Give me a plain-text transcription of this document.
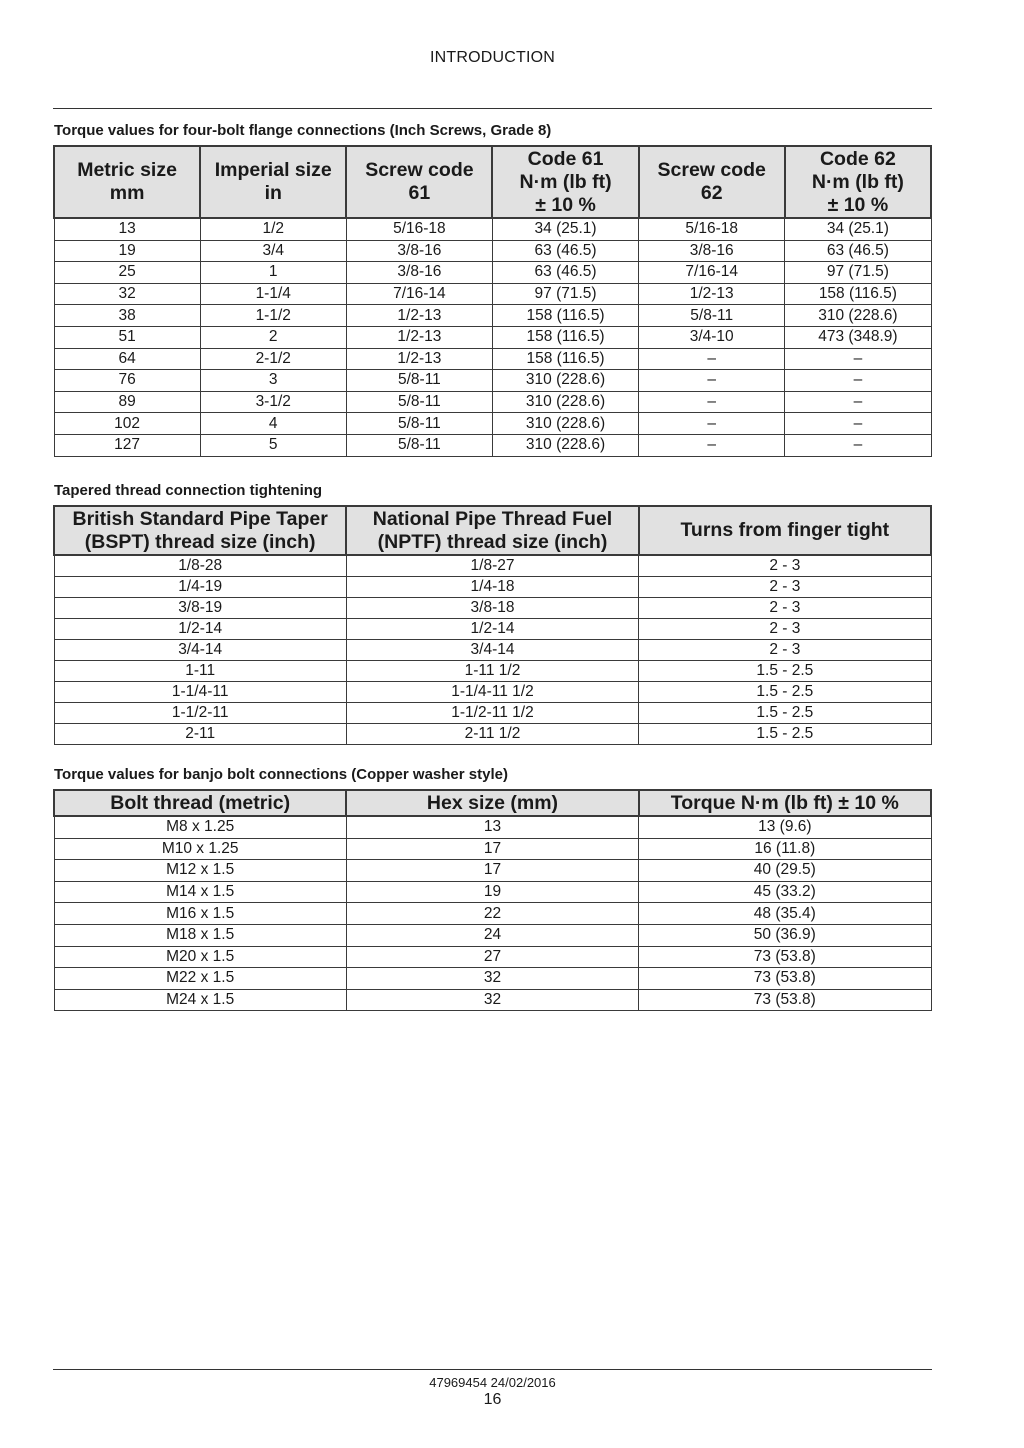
INTRODUCTION
Torque values for four-bolt flange connections (Inch Screws, Grade 8)
Metric size
mm	Imperial size
in	Screw code
61	Code 61
N·m (lb ft)
± 10 %	Screw code
62	Code 62
N·m (lb ft)
± 10 %
13	1/2	5/16-18	34 (25.1)	5/16-18	34 (25.1)
19	3/4	3/8-16	63 (46.5)	3/8-16	63 (46.5)
25	1	3/8-16	63 (46.5)	7/16-14	97 (71.5)
32	1-1/4	7/16-14	97 (71.5)	1/2-13	158 (116.5)
38	1-1/2	1/2-13	158 (116.5)	5/8-11	310 (228.6)
51	2	1/2-13	158 (116.5)	3/4-10	473 (348.9)
64	2-1/2	1/2-13	158 (116.5)	–	–
76	3	5/8-11	310 (228.6)	–	–
89	3-1/2	5/8-11	310 (228.6)	–	–
102	4	5/8-11	310 (228.6)	–	–
127	5	5/8-11	310 (228.6)	–	–
Tapered thread connection tightening
British Standard Pipe Taper
(BSPT) thread size (inch)	National Pipe Thread Fuel
(NPTF) thread size (inch)	Turns from finger tight
1/8-28	1/8-27	2 - 3
1/4-19	1/4-18	2 - 3
3/8-19	3/8-18	2 - 3
1/2-14	1/2-14	2 - 3
3/4-14	3/4-14	2 - 3
1-11	1-11 1/2	1.5 - 2.5
1-1/4-11	1-1/4-11 1/2	1.5 - 2.5
1-1/2-11	1-1/2-11 1/2	1.5 - 2.5
2-11	2-11 1/2	1.5 - 2.5
Torque values for banjo bolt connections (Copper washer style)
Bolt thread (metric)	Hex size (mm)	Torque N·m (lb ft) ± 10 %
M8 x 1.25	13	13 (9.6)
M10 x 1.25	17	16 (11.8)
M12 x 1.5	17	40 (29.5)
M14 x 1.5	19	45 (33.2)
M16 x 1.5	22	48 (35.4)
M18 x 1.5	24	50 (36.9)
M20 x 1.5	27	73 (53.8)
M22 x 1.5	32	73 (53.8)
M24 x 1.5	32	73 (53.8)
47969454 24/02/2016
16
